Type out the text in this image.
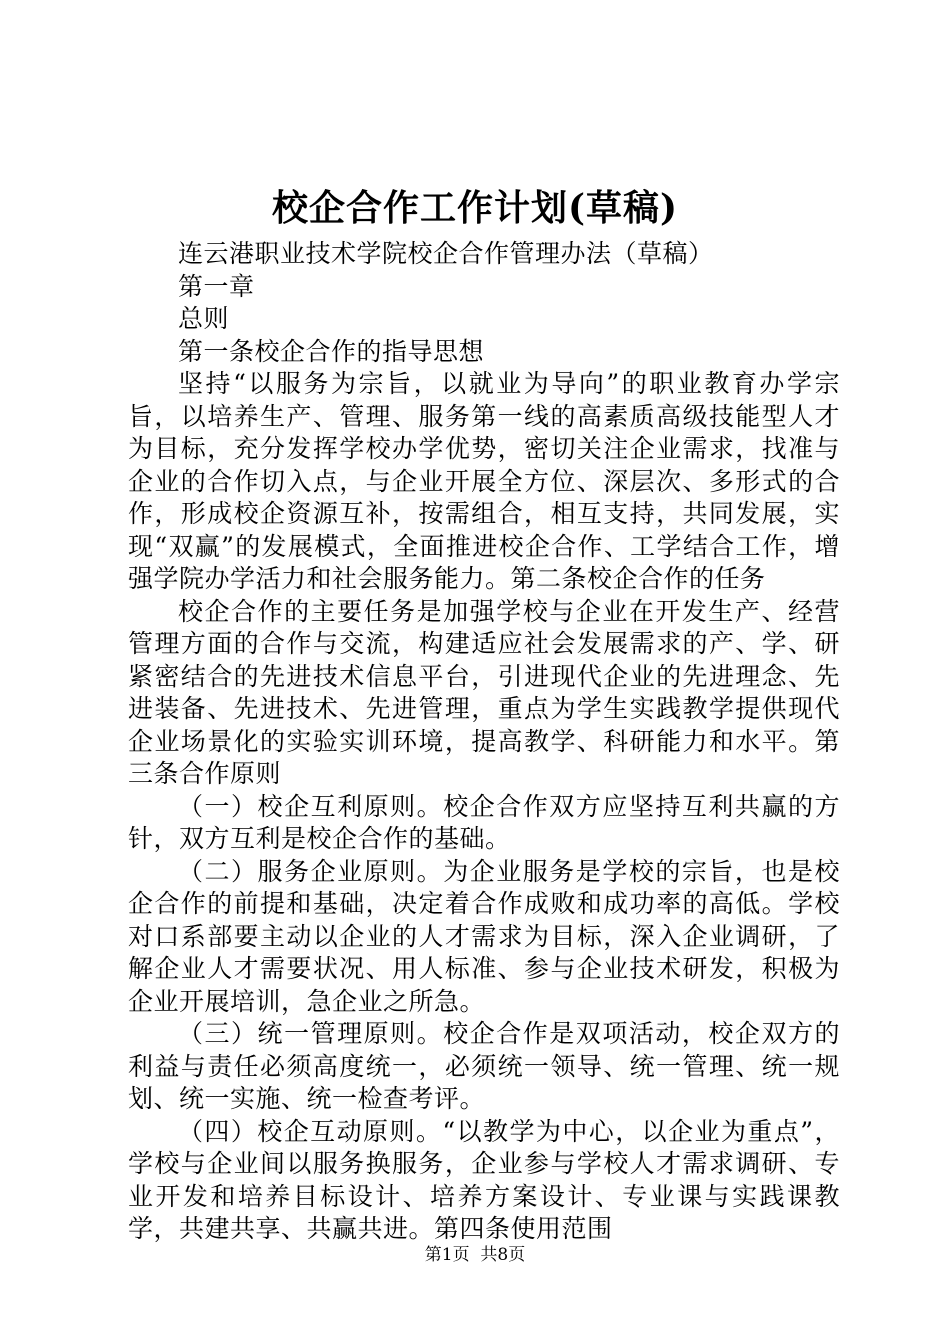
校企合作工作计划(草稿)

连云港职业技术学院校企合作管理办法（草稿）

第一章

总则

第一条校企合作的指导思想

坚持“以服务为宗旨，以就业为导向”的职业教育办学宗旨，以培养生产、管理、服务第一线的高素质高级技能型人才为目标，充分发挥学校办学优势，密切关注企业需求，找准与企业的合作切入点，与企业开展全方位、深层次、多形式的合作，形成校企资源互补，按需组合，相互支持，共同发展，实现“双赢”的发展模式，全面推进校企合作、工学结合工作，增强学院办学活力和社会服务能力。第二条校企合作的任务

校企合作的主要任务是加强学校与企业在开发生产、经营管理方面的合作与交流，构建适应社会发展需求的产、学、研紧密结合的先进技术信息平台，引进现代企业的先进理念、先进装备、先进技术、先进管理，重点为学生实践教学提供现代企业场景化的实验实训环境，提高教学、科研能力和水平。第三条合作原则

（一）校企互利原则。校企合作双方应坚持互利共赢的方针，双方互利是校企合作的基础。

（二）服务企业原则。为企业服务是学校的宗旨，也是校企合作的前提和基础，决定着合作成败和成功率的高低。学校对口系部要主动以企业的人才需求为目标，深入企业调研，了解企业人才需要状况、用人标准、参与企业技术研发，积极为企业开展培训，急企业之所急。

（三）统一管理原则。校企合作是双项活动，校企双方的利益与责任必须高度统一，必须统一领导、统一管理、统一规划、统一实施、统一检查考评。

（四）校企互动原则。“以教学为中心，以企业为重点”，学校与企业间以服务换服务，企业参与学校人才需求调研、专业开发和培养目标设计、培养方案设计、专业课与实践课教学，共建共享、共赢共进。第四条使用范围

第1页 共8页
